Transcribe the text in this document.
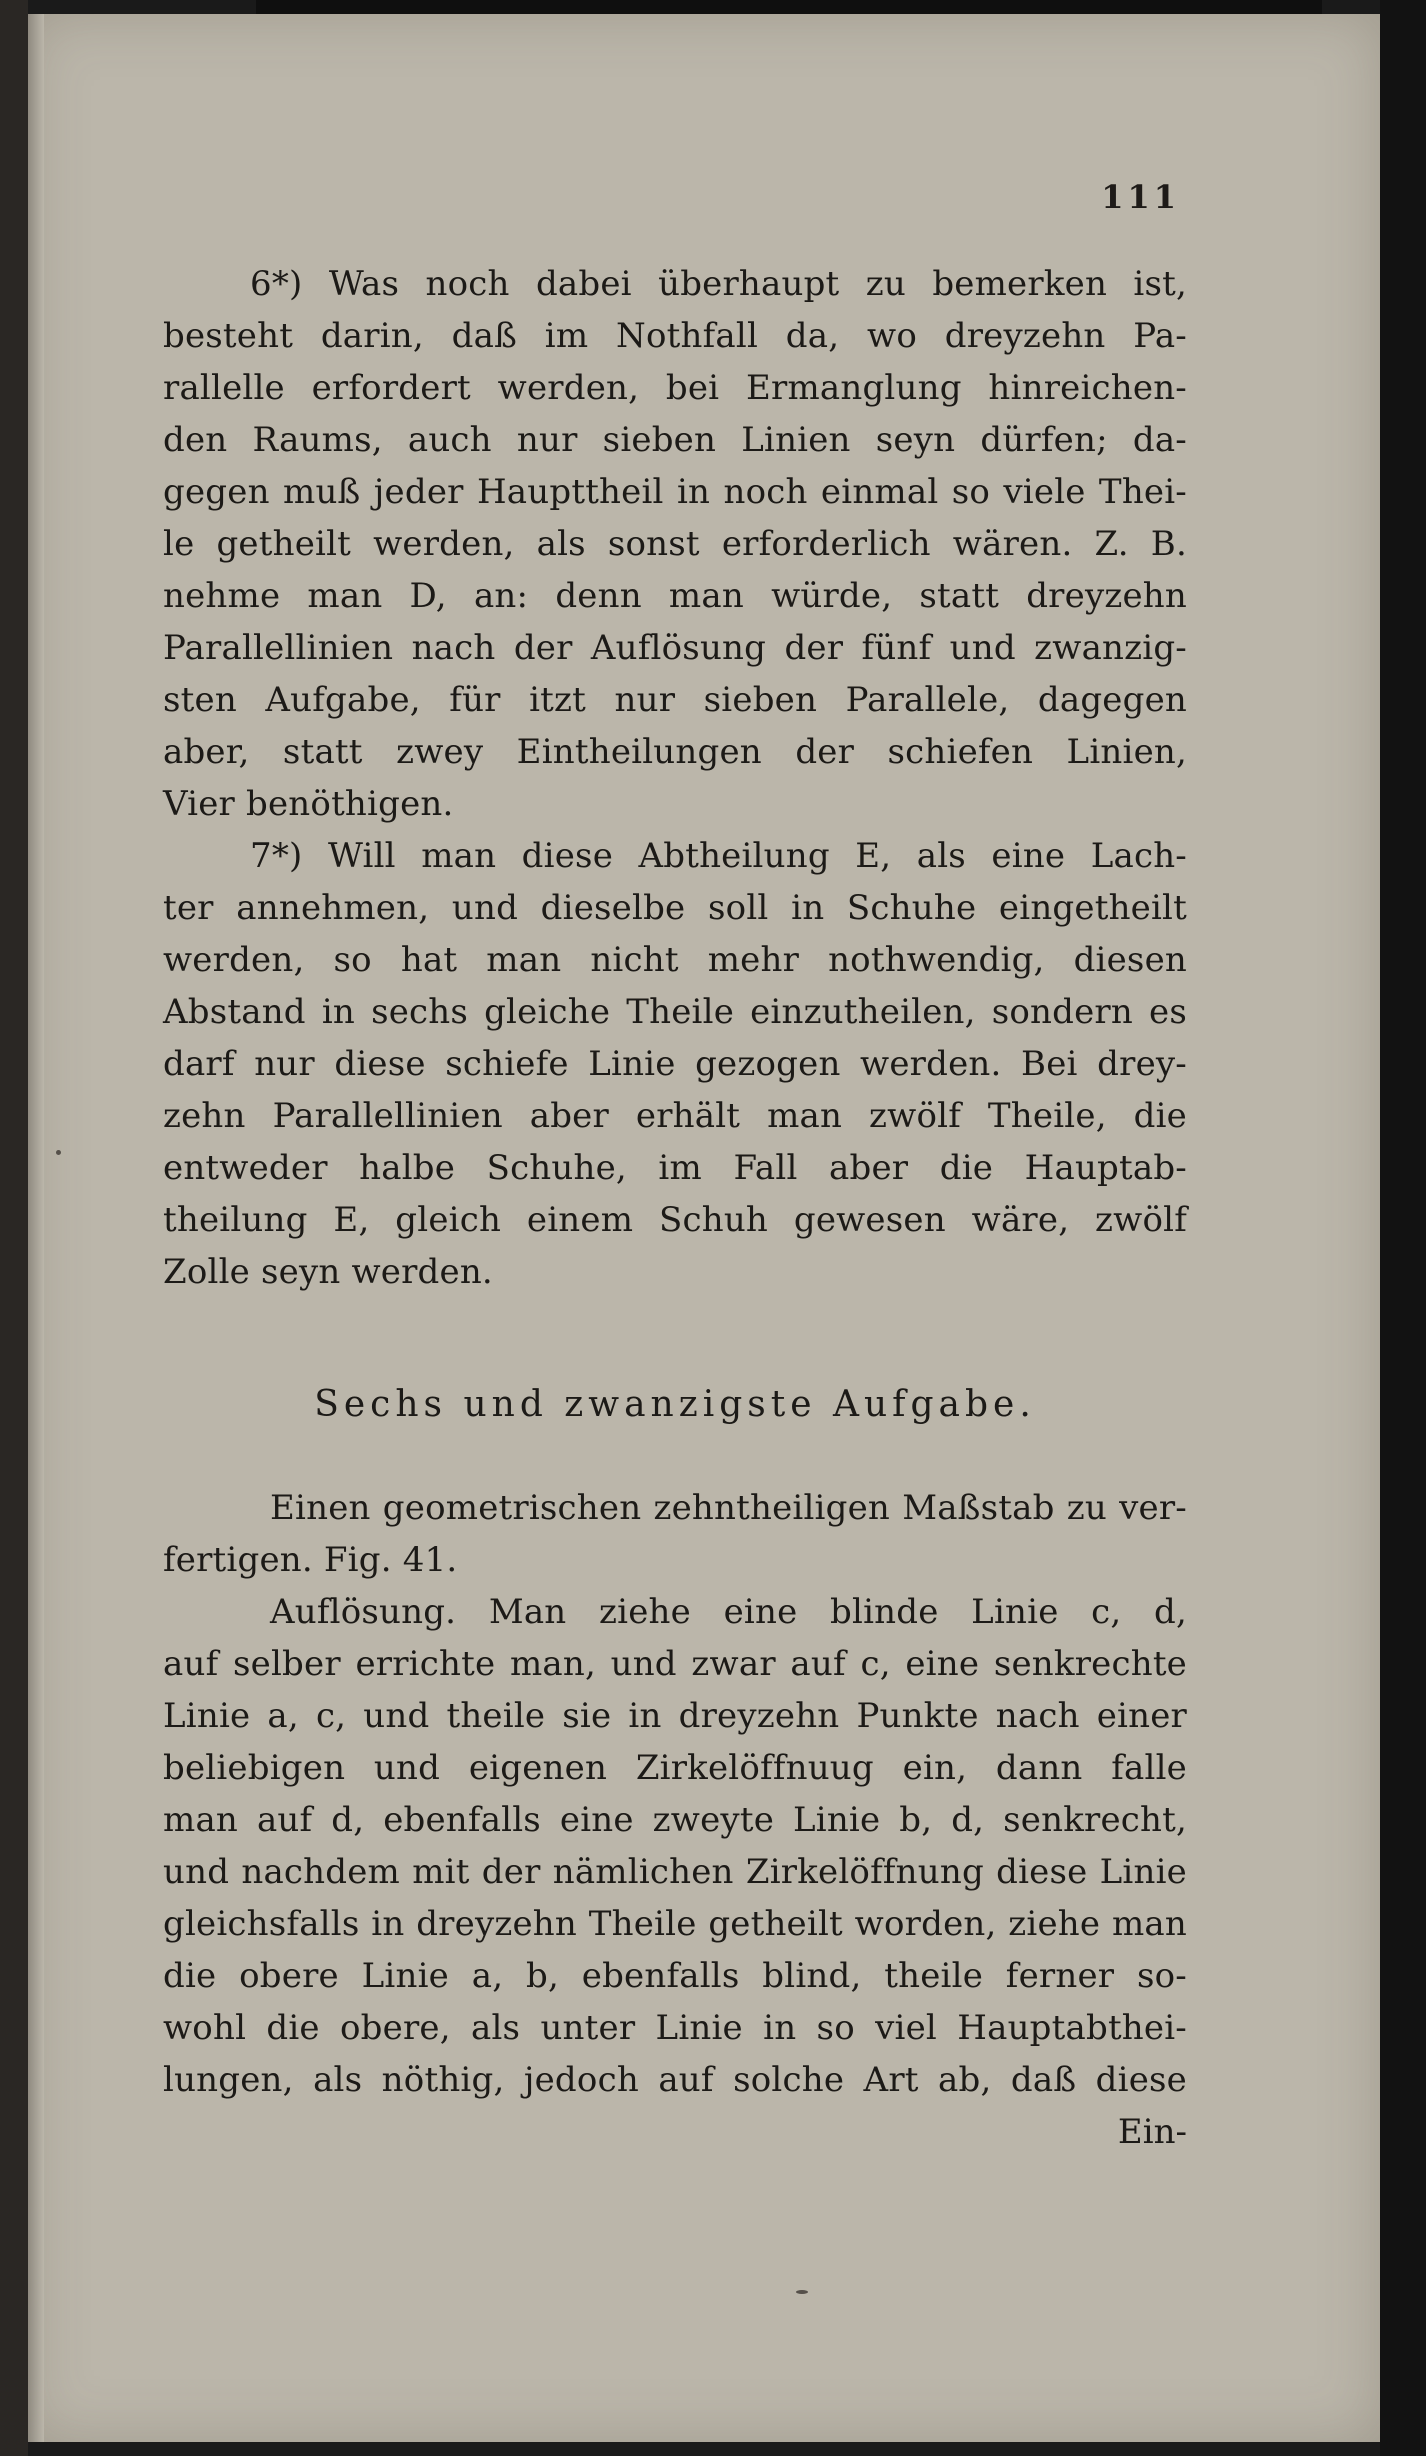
111
6*) Was noch dabei überhaupt zu bemerken ist,
besteht darin, daß im Nothfall da, wo dreyzehn Pa-
rallelle erfordert werden, bei Ermanglung hinreichen-
den Raums, auch nur sieben Linien seyn dürfen; da-
gegen muß jeder Haupttheil in noch einmal so viele Thei-
le getheilt werden, als sonst erforderlich wären. Z. B.
nehme man D, an: denn man würde, statt dreyzehn
Parallellinien nach der Auflösung der fünf und zwanzig-
sten Aufgabe, für itzt nur sieben Parallele, dagegen
aber, statt zwey Eintheilungen der schiefen Linien,
Vier benöthigen.
7*) Will man diese Abtheilung E, als eine Lach-
ter annehmen, und dieselbe soll in Schuhe eingetheilt
werden, so hat man nicht mehr nothwendig, diesen
Abstand in sechs gleiche Theile einzutheilen, sondern es
darf nur diese schiefe Linie gezogen werden. Bei drey-
zehn Parallellinien aber erhält man zwölf Theile, die
entweder halbe Schuhe, im Fall aber die Hauptab-
theilung E, gleich einem Schuh gewesen wäre, zwölf
Zolle seyn werden.
Sechs und zwanzigste Aufgabe.
Einen geometrischen zehntheiligen Maßstab zu ver-
fertigen. Fig. 41.
Auflösung. Man ziehe eine blinde Linie c, d,
auf selber errichte man, und zwar auf c, eine senkrechte
Linie a, c, und theile sie in dreyzehn Punkte nach einer
beliebigen und eigenen Zirkelöffnuug ein, dann falle
man auf d, ebenfalls eine zweyte Linie b, d, senkrecht,
und nachdem mit der nämlichen Zirkelöffnung diese Linie
gleichsfalls in dreyzehn Theile getheilt worden, ziehe man
die obere Linie a, b, ebenfalls blind, theile ferner so-
wohl die obere, als unter Linie in so viel Hauptabthei-
lungen, als nöthig, jedoch auf solche Art ab, daß diese
Ein-
